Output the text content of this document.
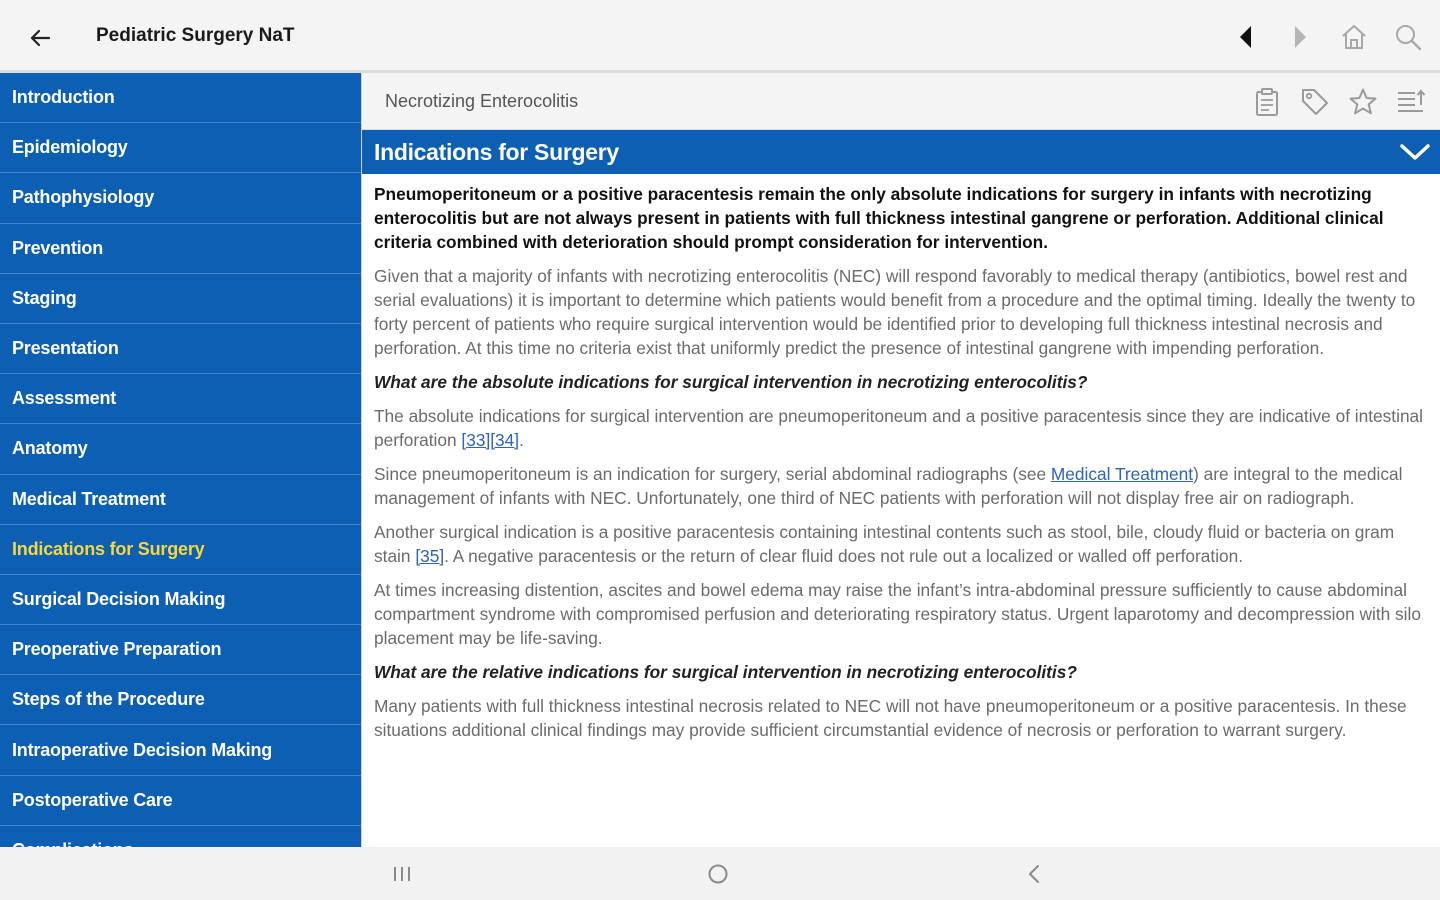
Pediatric Surgery NaT
Introduction
Epidemiology
Pathophysiology
Prevention
Staging
Presentation
Assessment
Anatomy
Medical Treatment
Indications for Surgery
Surgical Decision Making
Preoperative Preparation
Steps of the Procedure
Intraoperative Decision Making
Postoperative Care
Necrotizing Enterocolitis
Indications for Surgery

Pneumoperitoneum or a positive paracentesis remain the only absolute indications for surgery in infants with necrotizing enterocolitis but are not always present in patients with full thickness intestinal gangrene or perforation. Additional clinical criteria combined with deterioration should prompt consideration for intervention.

Given that a majority of infants with necrotizing enterocolitis (NEC) will respond favorably to medical therapy (antibiotics, bowel rest and serial evaluations) it is important to determine which patients would benefit from a procedure and the optimal timing. Ideally the twenty to forty percent of patients who require surgical intervention would be identified prior to developing full thickness intestinal necrosis and perforation. At this time no criteria exist that uniformly predict the presence of intestinal gangrene with impending perforation.

What are the absolute indications for surgical intervention in necrotizing enterocolitis?

The absolute indications for surgical intervention are pneumoperitoneum and a positive paracentesis since they are indicative of intestinal perforation [33][34].

Since pneumoperitoneum is an indication for surgery, serial abdominal radiographs (see Medical Treatment) are integral to the medical management of infants with NEC. Unfortunately, one third of NEC patients with perforation will not display free air on radiograph.

Another surgical indication is a positive paracentesis containing intestinal contents such as stool, bile, cloudy fluid or bacteria on gram stain [35]. A negative paracentesis or the return of clear fluid does not rule out a localized or walled off perforation.

At times increasing distention, ascites and bowel edema may raise the infant’s intra-abdominal pressure sufficiently to cause abdominal compartment syndrome with compromised perfusion and deteriorating respiratory status. Urgent laparotomy and decompression with silo placement may be life-saving.

What are the relative indications for surgical intervention in necrotizing enterocolitis?

Many patients with full thickness intestinal necrosis related to NEC will not have pneumoperitoneum or a positive paracentesis. In these situations additional clinical findings may provide sufficient circumstantial evidence of necrosis or perforation to warrant surgery.
